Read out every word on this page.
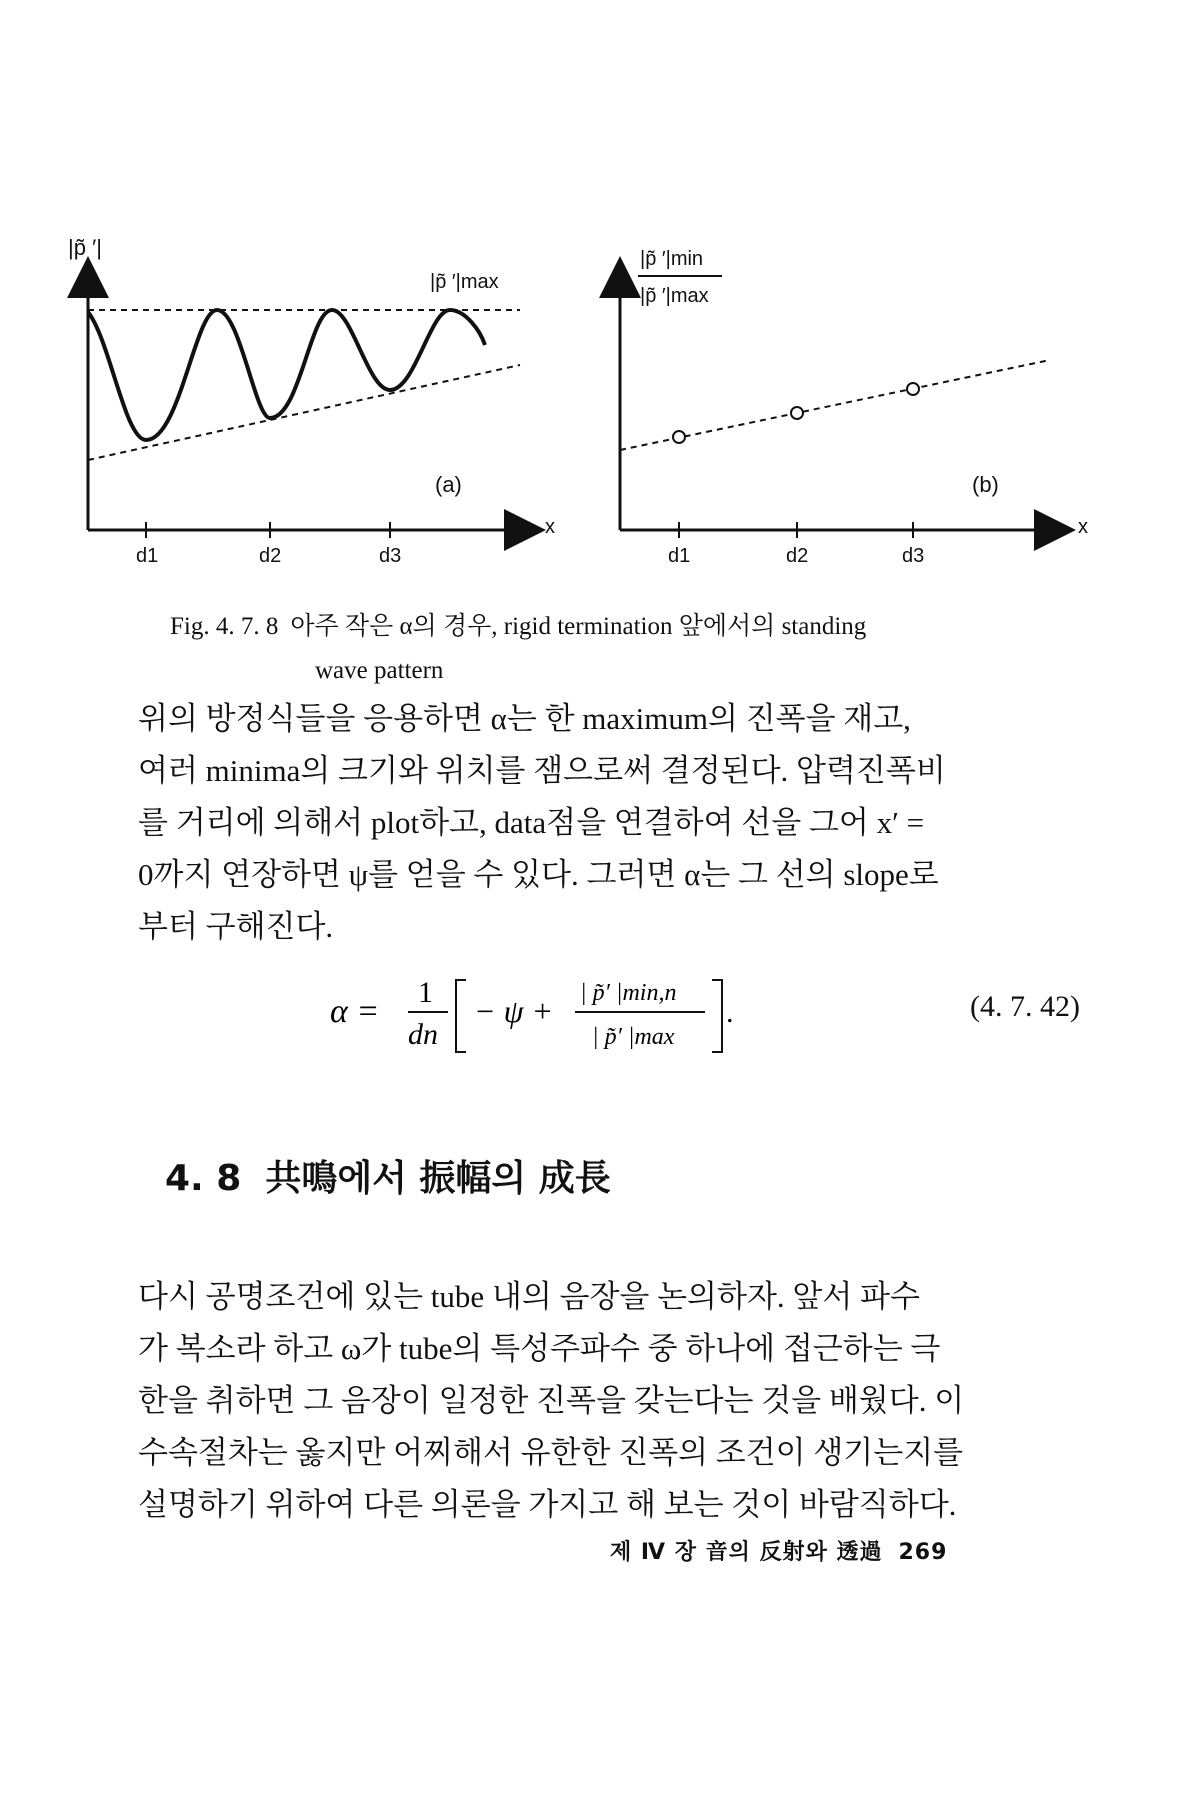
|p̃ ′|
|p̃ ′|max
x
(a)
d1	d2	d3
|p̃ ′|min
|p̃ ′|max
x
(b)
d1	d2	d3
Fig. 4. 7. 8 아주 작은 α의 경우, rigid termination 앞에서의 standing
wave pattern
위의 방정식들을 응용하면 α는 한 maximum의 진폭을 재고,
여러 minima의 크기와 위치를 잼으로써 결정된다. 압력진폭비
를 거리에 의해서 plot하고, data점을 연결하여 선을 그어 x′ =
0까지 연장하면 ψ를 얻을 수 있다. 그러면 α는 그 선의 slope로
부터 구해진다.
α =
1
dn
− ψ + | p̃′ |min,n
| p̃′ |max
.	(4. 7. 42)
4. 8 共鳴에서 振幅의 成長
다시 공명조건에 있는 tube 내의 음장을 논의하자. 앞서 파수
가 복소라 하고 ω가 tube의 특성주파수 중 하나에 접근하는 극
한을 취하면 그 음장이 일정한 진폭을 갖는다는 것을 배웠다. 이
수속절차는 옳지만 어찌해서 유한한 진폭의 조건이 생기는지를
설명하기 위하여 다른 의론을 가지고 해 보는 것이 바람직하다.
제 Ⅳ 장 音의 反射와 透過 269
